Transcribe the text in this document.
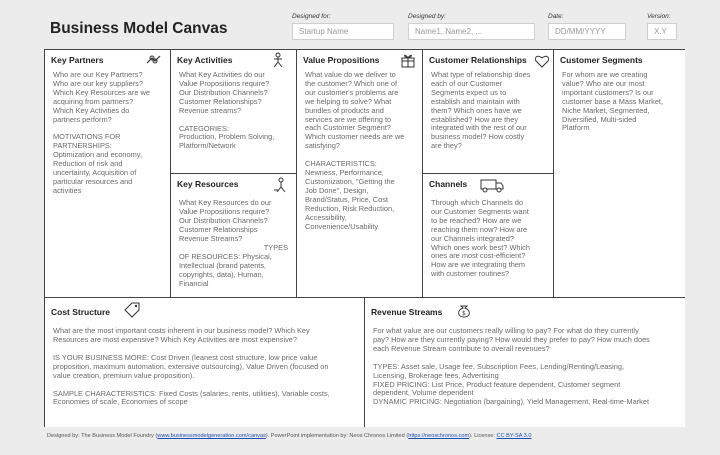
Business Model Canvas
Designed for:
Startup Name
Designed by:
Name1, Name2, ...
Date:
DD/MM/YYYY
Version:
X.Y
Key Partners

Who are our Key Partners?

Who are our key suppliers?

Which Key Resources are we

acquiring from partners?

Which Key Activities do

partners perform?

MOTIVATIONS FOR

PARTNERSHIPS:

Optimization and economy,

Reduction of risk and

uncertainty, Acquisition of

particular resources and

activities

Key Activities

What Key Activities do our

Value Propositions require?

Our Distribution Channels?

Customer Relationships?

Revenue streams?

CATEGORIES:

Production, Problem Solving,

Platform/Network

Key Resources

What Key Resources do our

Value Propositions require?

Our Distribution Channels?

Customer Relationships

Revenue Streams?

TYPES

OF RESOURCES: Physical,

Intellectual (brand patents,

copyrights, data), Human,

Financial

Value Propositions

What value do we deliver to

the customer? Which one of

our customer's problems are

we helping to solve? What

bundles of products and

services are we offering to

each Customer Segment?

Which customer needs are we

satisfying?

CHARACTERISTICS:

Newness, Performance,

Customization, "Getting the

Job Done", Design,

Brand/Status, Price, Cost

Reduction, Risk Reduction,

Accessibility,

Convenience/Usability

Customer Relationships

What type of relationship does

each of our Customer

Segments expect us to

establish and maintain with

them? Which ones have we

established? How are they

integrated with the rest of our

business model? How costly

are they?

Channels

Through which Channels do

our Customer Segments want

to be reached? How are we

reaching them now? How are

our Channels integrated?

Which ones work best? Which

ones are most cost-efficient?

How are we integrating them

with customer routines?

Customer Segments

For whom are we creating

value? Who are our most

important customers? Is our

customer base a Mass Market,

Niche Market, Segmented,

Diversified, Multi-sided

Platform

Cost Structure

What are the most important costs inherent in our business model? Which Key

Resources are most expensive? Which Key Activities are most expensive?

IS YOUR BUSINESS MORE: Cost Driven (leanest cost structure, low price value

proposition, maximum automation, extensive outsourcing), Value Driven (focused on

value creation, premium value proposition).

SAMPLE CHARACTERISTICS: Fixed Costs (salaries, rents, utilities), Variable costs,

Economies of scale, Economies of scope

Revenue Streams	$

For what value are our customers really willing to pay? For what do they currently

pay? How are they currently paying? How would they prefer to pay? How much does

each Revenue Stream contribute to overall revenues?

TYPES: Asset sale, Usage fee, Subscription Fees, Lending/Renting/Leasing,

Licensing, Brokerage fees, Advertising

FIXED PRICING: List Price, Product feature dependent, Customer segment

dependent, Volume dependent

DYNAMIC PRICING: Negotiation (bargaining), Yield Management, Real-time-Market

Designed by: The Business Model Foundry (www.businessmodelgeneration.com/canvas). PowerPoint implementation by: Neos Chronos Limited (https://neoschronos.com). License: CC BY-SA 3.0
